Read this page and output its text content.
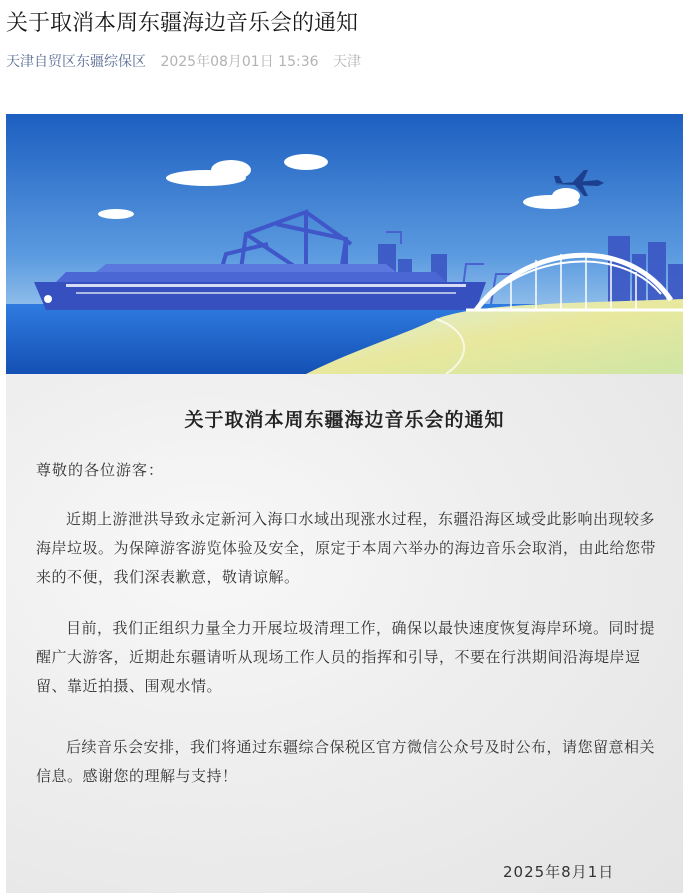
关于取消本周东疆海边音乐会的通知
天津自贸区东疆综保区 2025年08月01日 15:36 天津
关于取消本周东疆海边音乐会的通知
尊敬的各位游客：

近期上游泄洪导致永定新河入海口水域出现涨水过程，东疆沿海区域受此影响出现较多海岸垃圾。为保障游客游览体验及安全，原定于本周六举办的海边音乐会取消，由此给您带来的不便，我们深表歉意，敬请谅解。

目前，我们正组织力量全力开展垃圾清理工作，确保以最快速度恢复海岸环境。同时提醒广大游客，近期赴东疆请听从现场工作人员的指挥和引导，不要在行洪期间沿海堤岸逗留、靠近拍摄、围观水情。

后续音乐会安排，我们将通过东疆综合保税区官方微信公众号及时公布，请您留意相关信息。感谢您的理解与支持！

2025年8月1日
